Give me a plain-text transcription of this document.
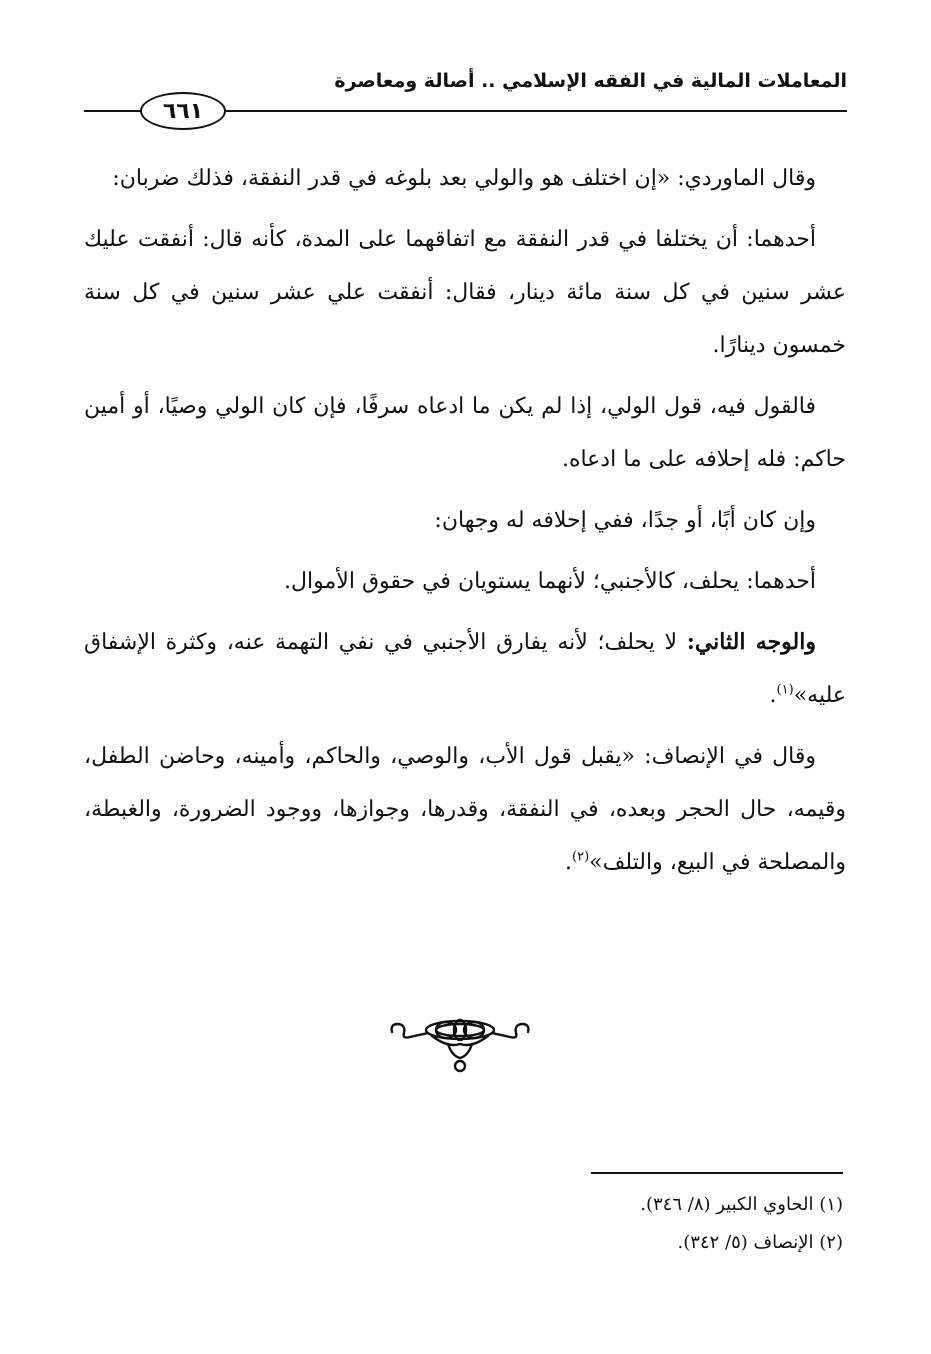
المعاملات المالية في الفقه الإسلامي .. أصالة ومعاصرة
٦٦١

وقال الماوردي: «إن اختلف هو والولي بعد بلوغه في قدر النفقة، فذلك ضربان:

أحدهما: أن يختلفا في قدر النفقة مع اتفاقهما على المدة، كأنه قال: أنفقت عليك عشر سنين في كل سنة مائة دينار، فقال: أنفقت علي عشر سنين في كل سنة خمسون دينارًا.

فالقول فيه، قول الولي، إذا لم يكن ما ادعاه سرفًا، فإن كان الولي وصيًا، أو أمين حاكم: فله إحلافه على ما ادعاه.

وإن كان أبًا، أو جدًا، ففي إحلافه له وجهان:

أحدهما: يحلف، كالأجنبي؛ لأنهما يستويان في حقوق الأموال.

والوجه الثاني: لا يحلف؛ لأنه يفارق الأجنبي في نفي التهمة عنه، وكثرة الإشفاق عليه»$^{(١)}$.

وقال في الإنصاف: «يقبل قول الأب، والوصي، والحاكم، وأمينه، وحاضن الطفل، وقيمه، حال الحجر وبعده، في النفقة، وقدرها، وجوازها، ووجود الضرورة، والغبطة، والمصلحة في البيع، والتلف»$^{(٢)}$.

(١) الحاوي الكبير (٨/ ٣٤٦).
(٢) الإنصاف (٥/ ٣٤٢).
